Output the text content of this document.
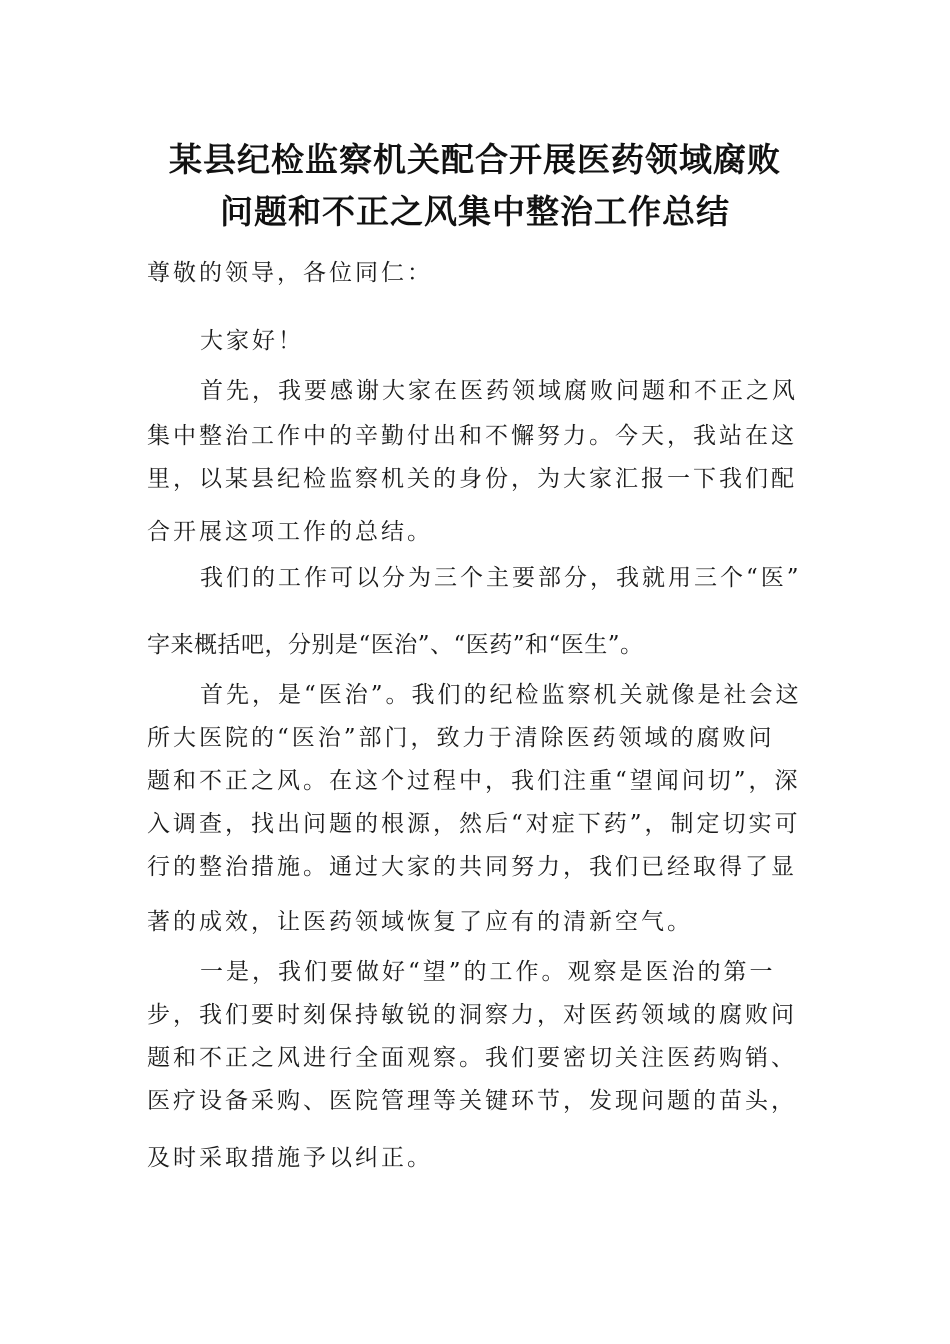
某县纪检监察机关配合开展医药领域腐败
问题和不正之风集中整治工作总结
尊敬的领导，各位同仁：
大家好！
首先，我要感谢大家在医药领域腐败问题和不正之风
集中整治工作中的辛勤付出和不懈努力。今天，我站在这
里，以某县纪检监察机关的身份，为大家汇报一下我们配
合开展这项工作的总结。
我们的工作可以分为三个主要部分，我就用三个“医”
字来概括吧，分别是“医治”、“医药”和“医生”。
首先，是“医治”。我们的纪检监察机关就像是社会这
所大医院的“医治”部门，致力于清除医药领域的腐败问
题和不正之风。在这个过程中，我们注重“望闻问切”，深
入调查，找出问题的根源，然后“对症下药”，制定切实可
行的整治措施。通过大家的共同努力，我们已经取得了显
著的成效，让医药领域恢复了应有的清新空气。
一是，我们要做好“望”的工作。观察是医治的第一
步，我们要时刻保持敏锐的洞察力，对医药领域的腐败问
题和不正之风进行全面观察。我们要密切关注医药购销、
医疗设备采购、医院管理等关键环节，发现问题的苗头，
及时采取措施予以纠正。
